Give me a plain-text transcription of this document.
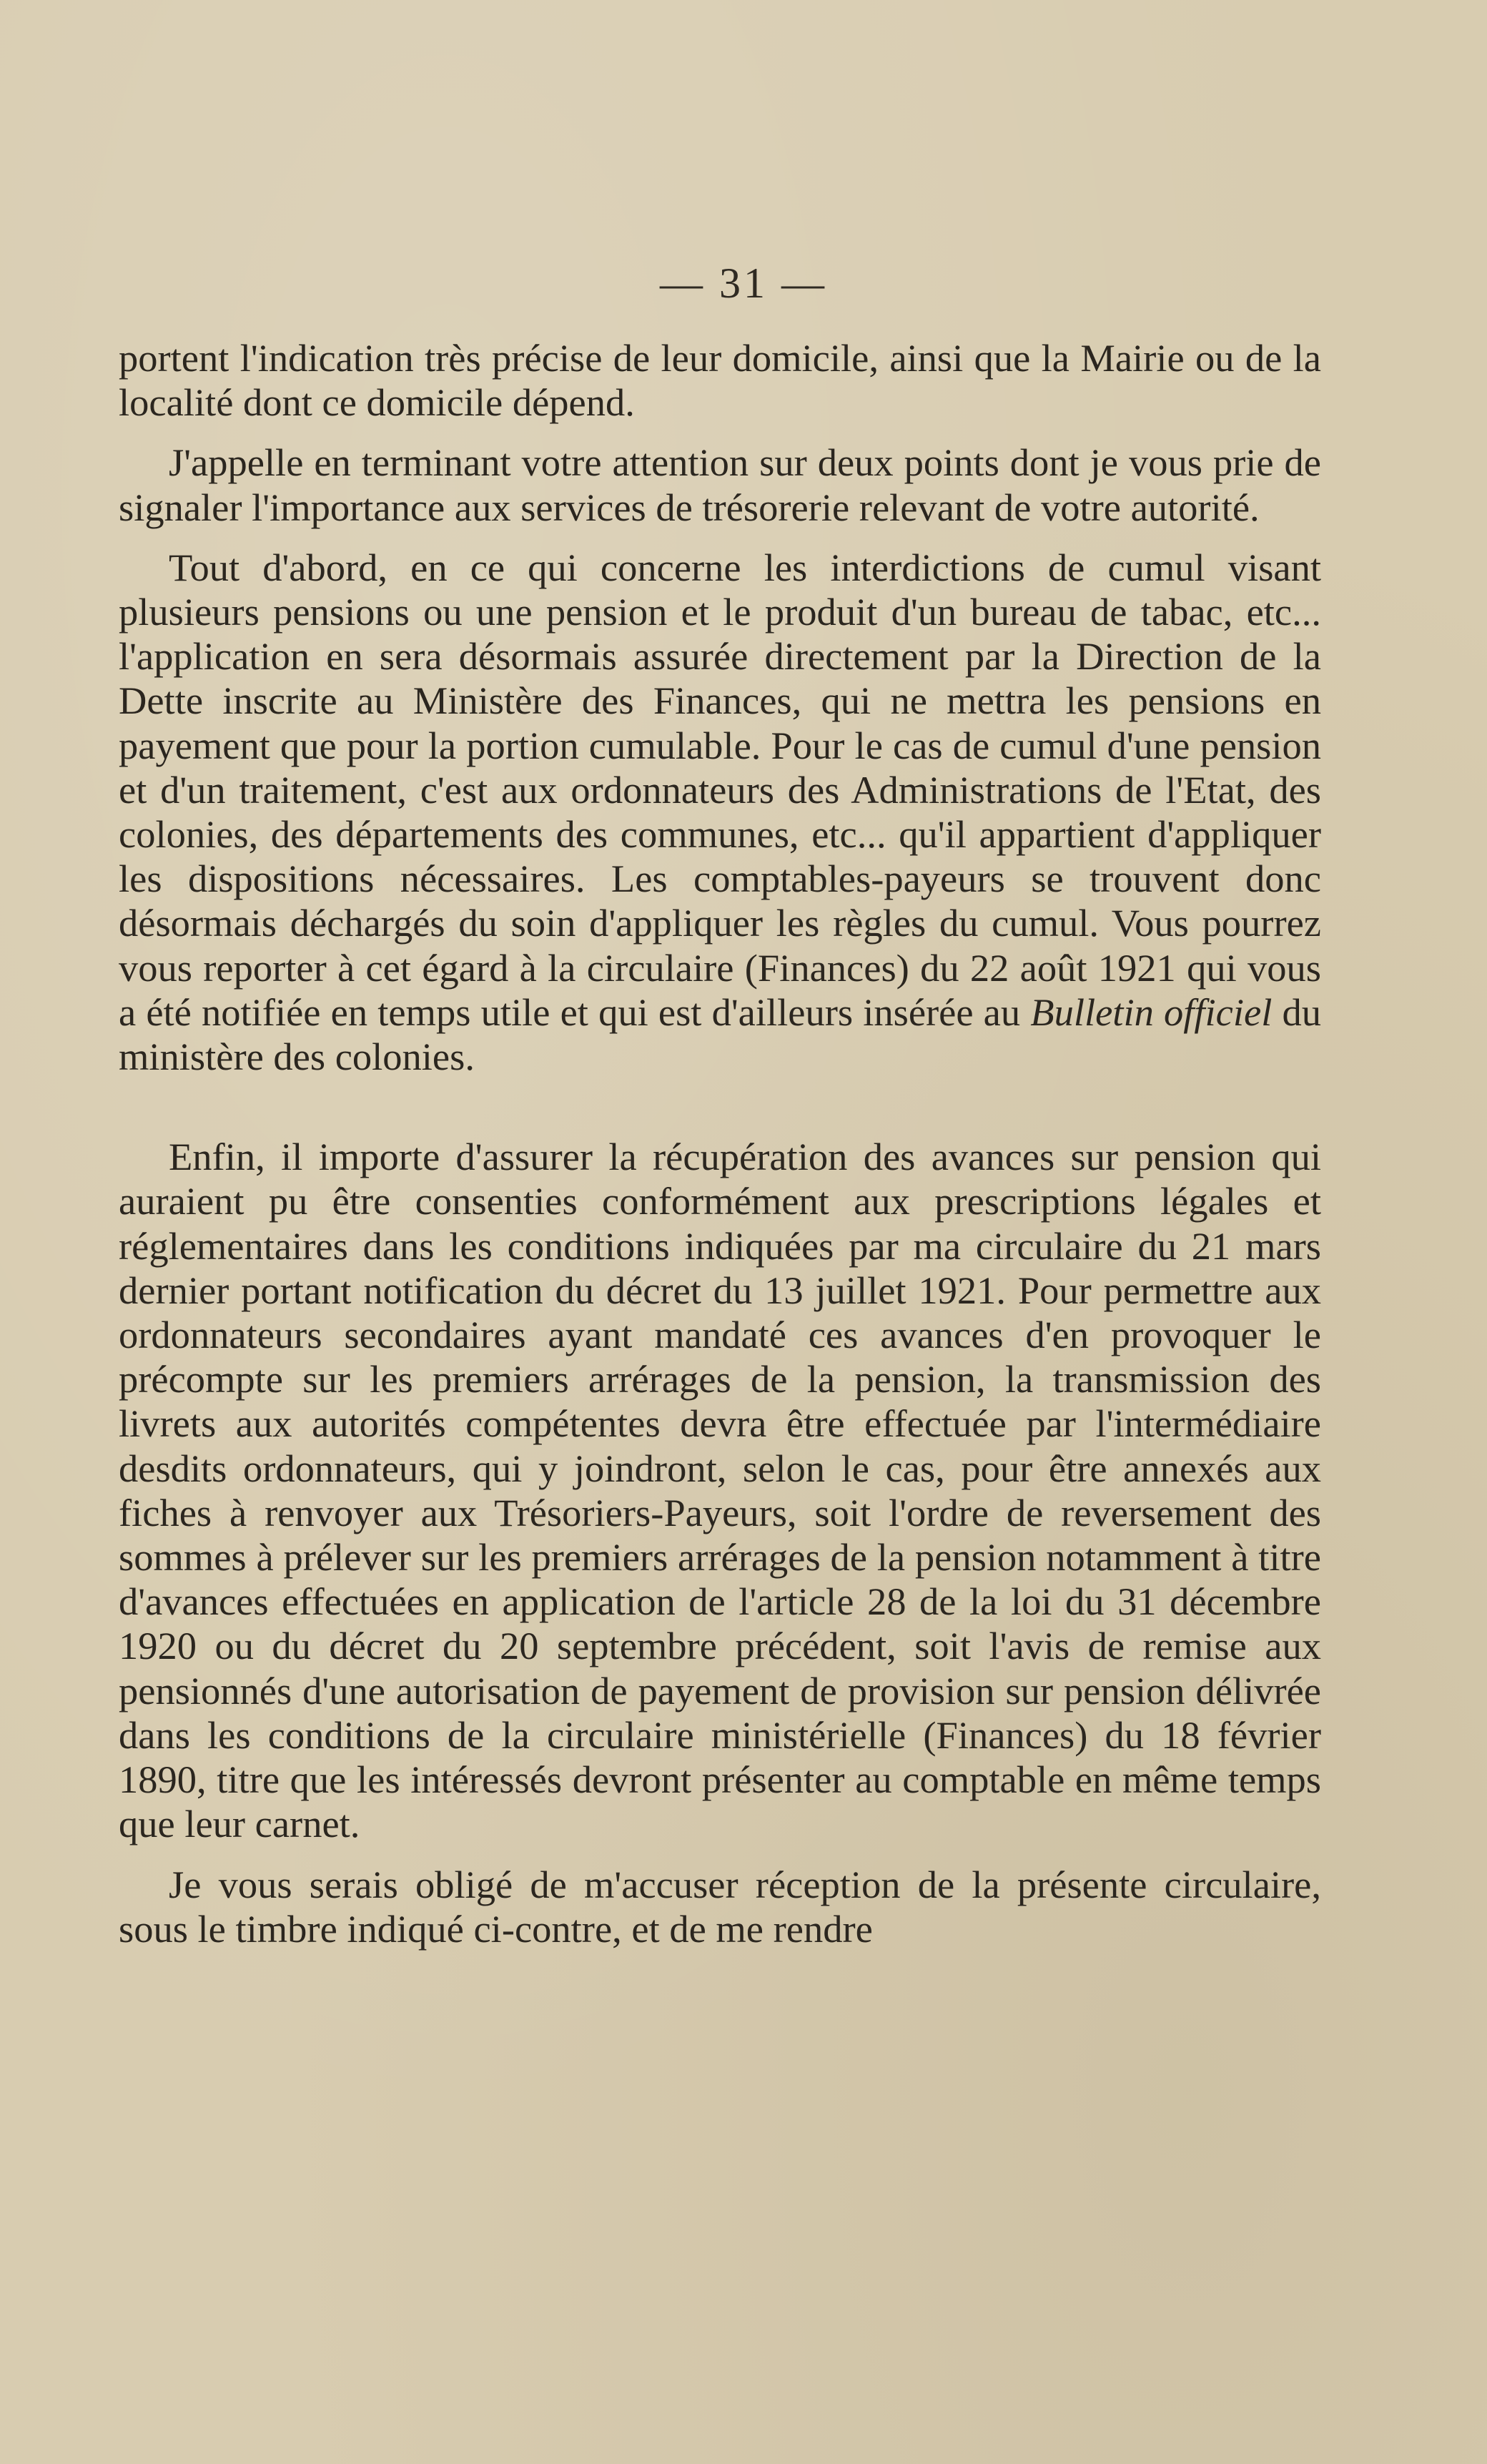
— 31 —

portent l'indication très précise de leur domicile, ainsi que la Mairie ou de la localité dont ce domicile dépend.

J'appelle en terminant votre attention sur deux points dont je vous prie de signaler l'importance aux services de trésorerie relevant de votre autorité.

Tout d'abord, en ce qui concerne les interdictions de cumul visant plusieurs pensions ou une pension et le produit d'un bureau de tabac, etc... l'application en sera désormais assurée directement par la Direction de la Dette inscrite au Ministère des Finances, qui ne mettra les pensions en payement que pour la portion cumulable. Pour le cas de cumul d'une pension et d'un traitement, c'est aux ordonnateurs des Administrations de l'Etat, des colonies, des départements des communes, etc... qu'il appartient d'appliquer les dispositions nécessaires. Les comptables-payeurs se trouvent donc désormais déchargés du soin d'appliquer les règles du cumul. Vous pourrez vous reporter à cet égard à la circulaire (Finances) du 22 août 1921 qui vous a été notifiée en temps utile et qui est d'ailleurs insérée au Bulletin officiel du ministère des colonies.

Enfin, il importe d'assurer la récupération des avances sur pension qui auraient pu être consenties conformément aux prescriptions légales et réglementaires dans les conditions indiquées par ma circulaire du 21 mars dernier portant notification du décret du 13 juillet 1921. Pour permettre aux ordonnateurs secondaires ayant mandaté ces avances d'en provoquer le précompte sur les premiers arrérages de la pension, la transmission des livrets aux autorités compétentes devra être effectuée par l'intermédiaire desdits ordonnateurs, qui y joindront, selon le cas, pour être annexés aux fiches à renvoyer aux Trésoriers-Payeurs, soit l'ordre de reversement des sommes à prélever sur les premiers arrérages de la pension notamment à titre d'avances effectuées en application de l'article 28 de la loi du 31 décembre 1920 ou du décret du 20 septembre précédent, soit l'avis de remise aux pensionnés d'une autorisation de payement de provision sur pension délivrée dans les conditions de la circulaire ministérielle (Finances) du 18 février 1890, titre que les intéressés devront présenter au comptable en même temps que leur carnet.

Je vous serais obligé de m'accuser réception de la présente circulaire, sous le timbre indiqué ci-contre, et de me rendre
